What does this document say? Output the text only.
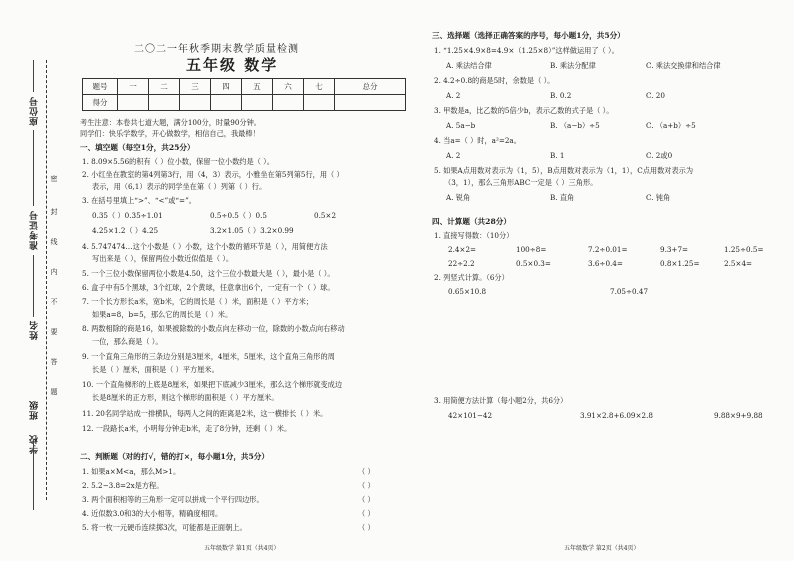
座位号
准考证号
姓名
学校
班级
密
封
线
内
不
要
答
题
二〇二一年秋季期末教学质量检测
五年级 数学
题号	一	二	三	四	五	六	七	总分
得分								
考生注意：本卷共七道大题，满分100分，时量90分钟。
同学们：快乐学数学，开心做数学，相信自己，我最棒！
一、填空题（每空1分，共25分）
1. 8.09×5.56的积有（ ）位小数，保留一位小数约是（ ）。
2. 小红坐在教室的第4列第3行，用（4，3）表示，小雅坐在第5列第5行，用（ ）
表示，用（6,1）表示的同学坐在第（ ）列第（ ）行。
3. 在括号里填上“>”、“<”或“=”。
0.35（ ）0.35÷1.01	0.5÷0.5（ ）0.5	0.5×2
4.25×1.2（ ）4.25	3.2×1.05（ ）3.2×0.99
4. 5.747474…这个小数是（ ）小数，这个小数的循环节是（ ），用简便方法
写出来是（ ），保留两位小数近似值是（ ）。
5. 一个三位小数保留两位小数是4.50，这个三位小数最大是（ ），最小是（ ）。
6. 盒子中有5个黑球，3个红球，2个黄球，任意拿出6个，一定有一个（ ）球。
7. 一个长方形长a米，宽b米，它的周长是（ ）米，面积是（ ）平方米；
如果a=8，b=5，那么它的周长是（ ）米。
8. 两数相除的商是16，如果被除数的小数点向左移动一位，除数的小数点向右移动
一位，那么商是（ ）。
9. 一个直角三角形的三条边分别是3厘米，4厘米，5厘米，这个直角三角形的周
长是（ ）厘米，面积是（ ）平方厘米。
10. 一个直角梯形的上底是8厘米，如果把下底减少3厘米，那么这个梯形就变成边
长是8厘米的正方形，则这个梯形的面积是（ ）平方厘米。
11. 20名同学站成一排横队，每两人之间的距离是2米，这一横排长（ ）米。
12. 一段路长a米，小明每分钟走b米，走了8分钟，还剩（ ）米。
二、判断题（对的打√，错的打×，每小题1分，共5分）
1. 如果a×M<a，那么M>1。	（ ）
2. 5.2−3.8=2x是方程。	（ ）
3. 两个面积相等的三角形一定可以拼成一个平行四边形。	（ ）
4. 近似数3.0和3的大小相等，精确度相同。	（ ）
5. 将一枚一元硬币连续掷3次，可能都是正面朝上。	（ ）
五年级数学 第1页（共4页）
三、选择题（选择正确答案的序号，每小题1分，共5分）
1. “1.25×4.9×8=4.9×（1.25×8）”这样做运用了（ ）。
A. 乘法结合律	B. 乘法分配律	C. 乘法交换律和结合律
2. 4.2÷0.8的商是5时，余数是（ ）。
A. 2	B. 0.2	C. 20
3. 甲数是a，比乙数的5倍少b，表示乙数的式子是（ ）。
A. 5a−b	B. （a−b）÷5	C. （a+b）÷5
4. 当a=（ ）时，a²=2a。
A. 2	B. 1	C. 2或0
5. 如果A点用数对表示为（1，5），B点用数对表示为（1，1），C点用数对表示为
（3，1），那么三角形ABC一定是（ ）三角形。
A. 锐角	B. 直角	C. 钝角
四、计算题（共28分）
1. 直接写得数：（10分）
2.4×2=	100÷8=	7.2÷0.01=	9.3+7=	1.25÷0.5=
22÷2.2	0.5×0.3=	3.6÷0.4=	0.8×1.25=	2.5×4=
2. 列竖式计算。（6分）
0.65×10.8	7.05÷0.47
3. 用简便方法计算（每小题2分，共6分）
42×101−42	3.91×2.8+6.09×2.8	9.88×9+9.88
五年级数学 第2页（共4页）
